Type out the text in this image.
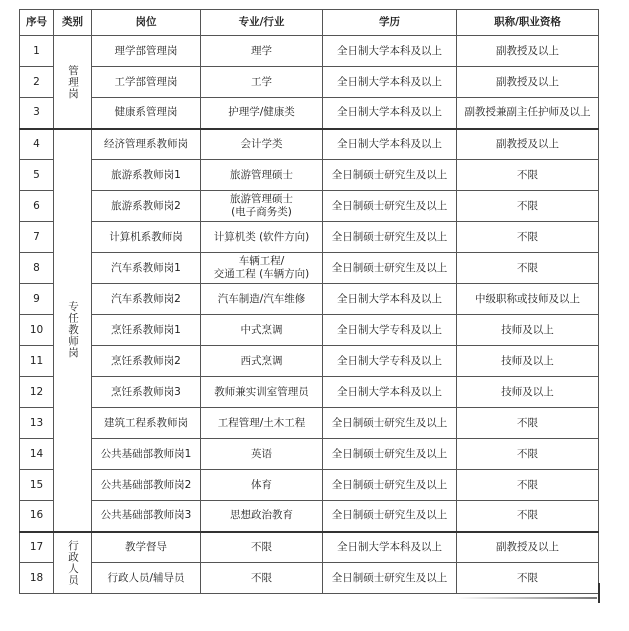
序号	类别	岗位	专业/行业	学历	职称/职业资格
1	管理岗	理学部管理岗	理学	全日制大学本科及以上	副教授及以上
2		工学部管理岗	工学	全日制大学本科及以上	副教授及以上
3		健康系管理岗	护理学/健康类	全日制大学本科及以上	副教授兼副主任护师及以上
4	专任教师岗	经济管理系教师岗	会计学类	全日制大学本科及以上	副教授及以上
5		旅游系教师岗1	旅游管理硕士	全日制硕士研究生及以上	不限
6		旅游系教师岗2	旅游管理硕士
(电子商务类)	全日制硕士研究生及以上	不限
7		计算机系教师岗	计算机类 (软件方向)	全日制硕士研究生及以上	不限
8		汽车系教师岗1	车辆工程/
交通工程 (车辆方向)	全日制硕士研究生及以上	不限
9		汽车系教师岗2	汽车制造/汽车维修	全日制大学本科及以上	中级职称或技师及以上
10		烹饪系教师岗1	中式烹调	全日制大学专科及以上	技师及以上
11		烹饪系教师岗2	西式烹调	全日制大学专科及以上	技师及以上
12		烹饪系教师岗3	教师兼实训室管理员	全日制大学本科及以上	技师及以上
13		建筑工程系教师岗	工程管理/土木工程	全日制硕士研究生及以上	不限
14		公共基础部教师岗1	英语	全日制硕士研究生及以上	不限
15		公共基础部教师岗2	体育	全日制硕士研究生及以上	不限
16		公共基础部教师岗3	思想政治教育	全日制硕士研究生及以上	不限
17	行政人员	教学督导	不限	全日制大学本科及以上	副教授及以上
18		行政人员/辅导员	不限	全日制硕士研究生及以上	不限
